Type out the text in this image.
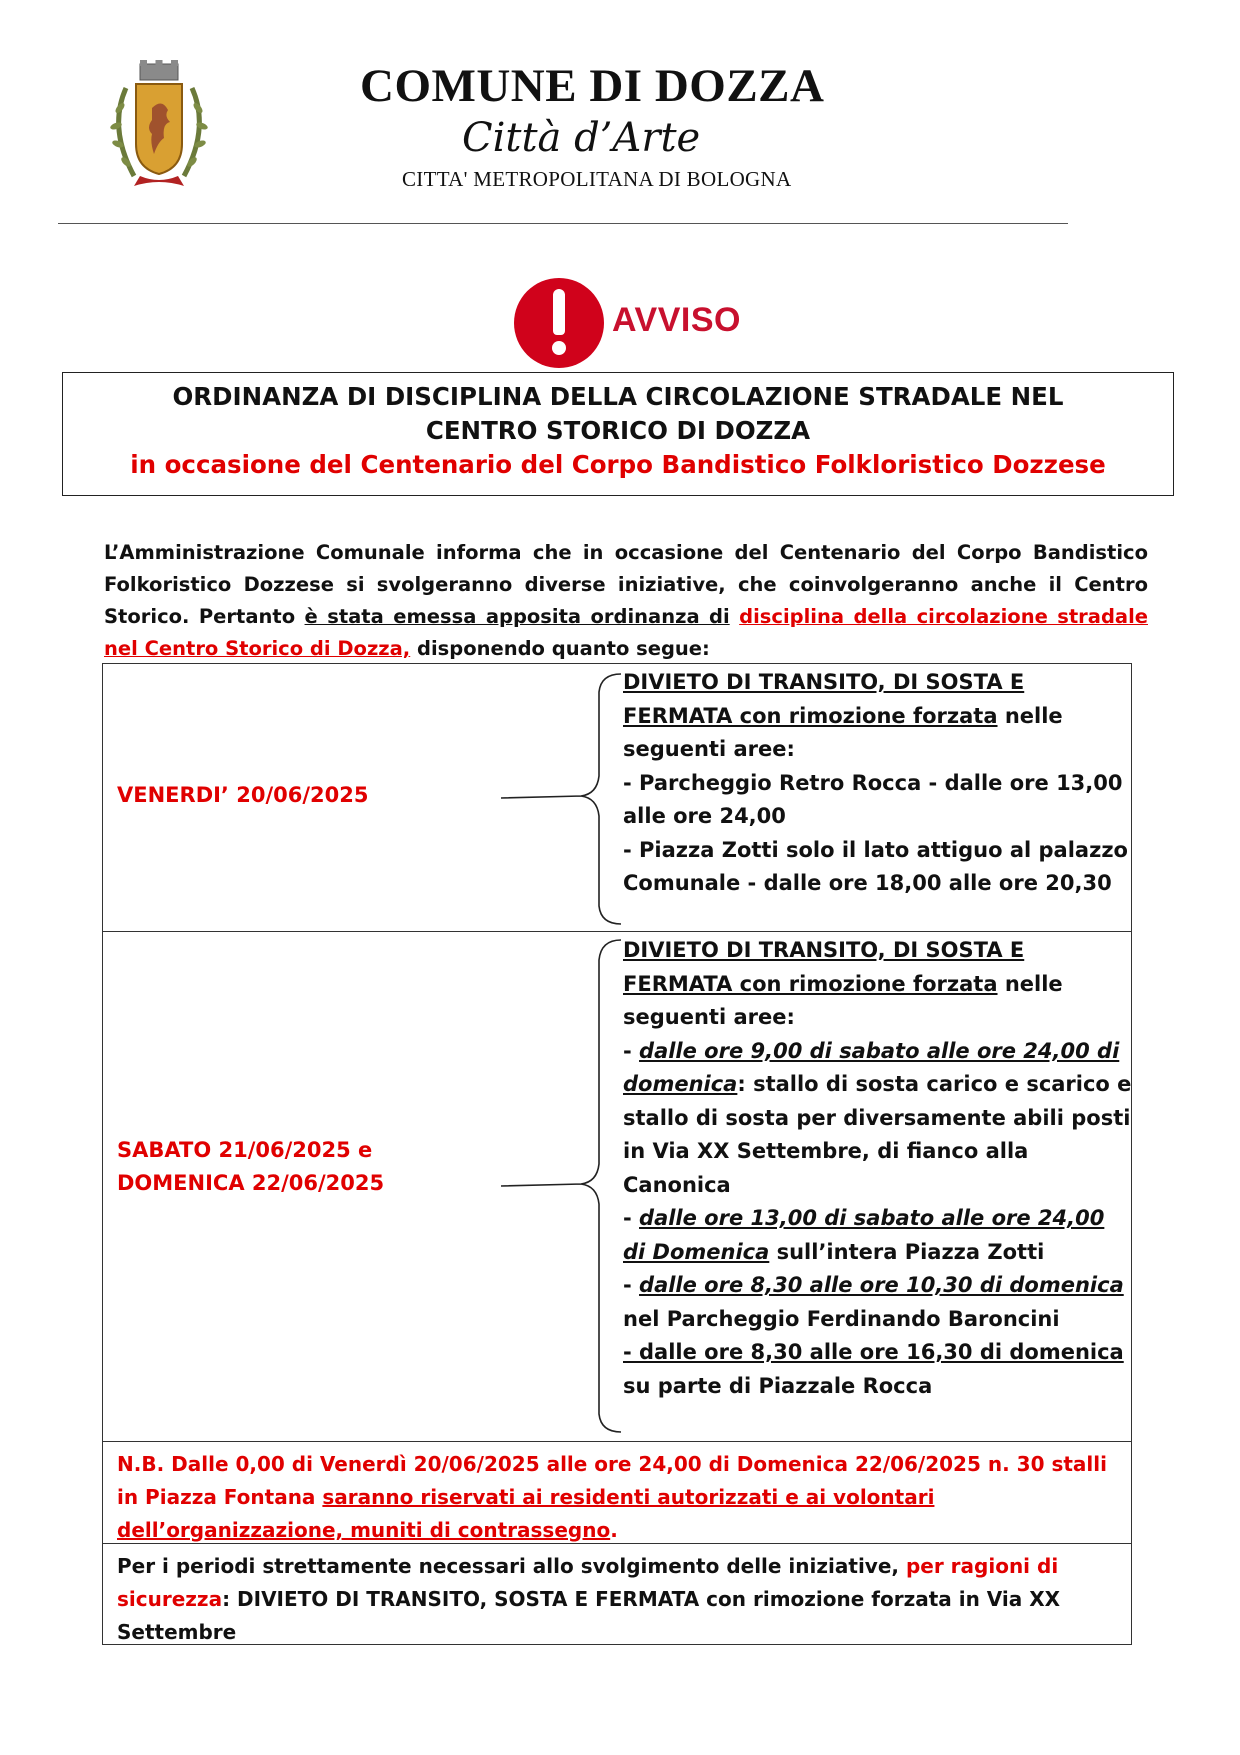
COMUNE DI DOZZA
Città d’Arte
CITTA' METROPOLITANA DI BOLOGNA
AVVISO
ORDINANZA DI DISCIPLINA DELLA CIRCOLAZIONE STRADALE NEL
CENTRO STORICO DI DOZZA
in occasione del Centenario del Corpo Bandistico Folkloristico Dozzese
L’Amministrazione Comunale informa che in occasione del Centenario del Corpo Bandistico Folkoristico Dozzese si svolgeranno diverse iniziative, che coinvolgeranno anche il Centro Storico. Pertanto è stata emessa apposita ordinanza di disciplina della circolazione stradale nel Centro Storico di Dozza, disponendo quanto segue:
VENERDI’ 20/06/2025
DIVIETO DI TRANSITO, DI SOSTA E
FERMATA con rimozione forzata nelle seguenti aree:
- Parcheggio Retro Rocca - dalle ore 13,00 alle ore 24,00
- Piazza Zotti solo il lato attiguo al palazzo Comunale - dalle ore 18,00 alle ore 20,30
SABATO 21/06/2025 e
DOMENICA 22/06/2025
DIVIETO DI TRANSITO, DI SOSTA E
FERMATA con rimozione forzata nelle seguenti aree:
- dalle ore 9,00 di sabato alle ore 24,00 di domenica: stallo di sosta carico e scarico e stallo di sosta per diversamente abili posti in Via XX Settembre, di fianco alla Canonica
- dalle ore 13,00 di sabato alle ore 24,00 di Domenica sull’intera Piazza Zotti
- dalle ore 8,30 alle ore 10,30 di domenica nel Parcheggio Ferdinando Baroncini
- dalle ore 8,30 alle ore 16,30 di domenica su parte di Piazzale Rocca
N.B. Dalle 0,00 di Venerdì 20/06/2025 alle ore 24,00 di Domenica 22/06/2025 n. 30 stalli in Piazza Fontana saranno riservati ai residenti autorizzati e ai volontari dell’organizzazione, muniti di contrassegno.
Per i periodi strettamente necessari allo svolgimento delle iniziative, per ragioni di sicurezza: DIVIETO DI TRANSITO, SOSTA E FERMATA con rimozione forzata in Via XX Settembre
